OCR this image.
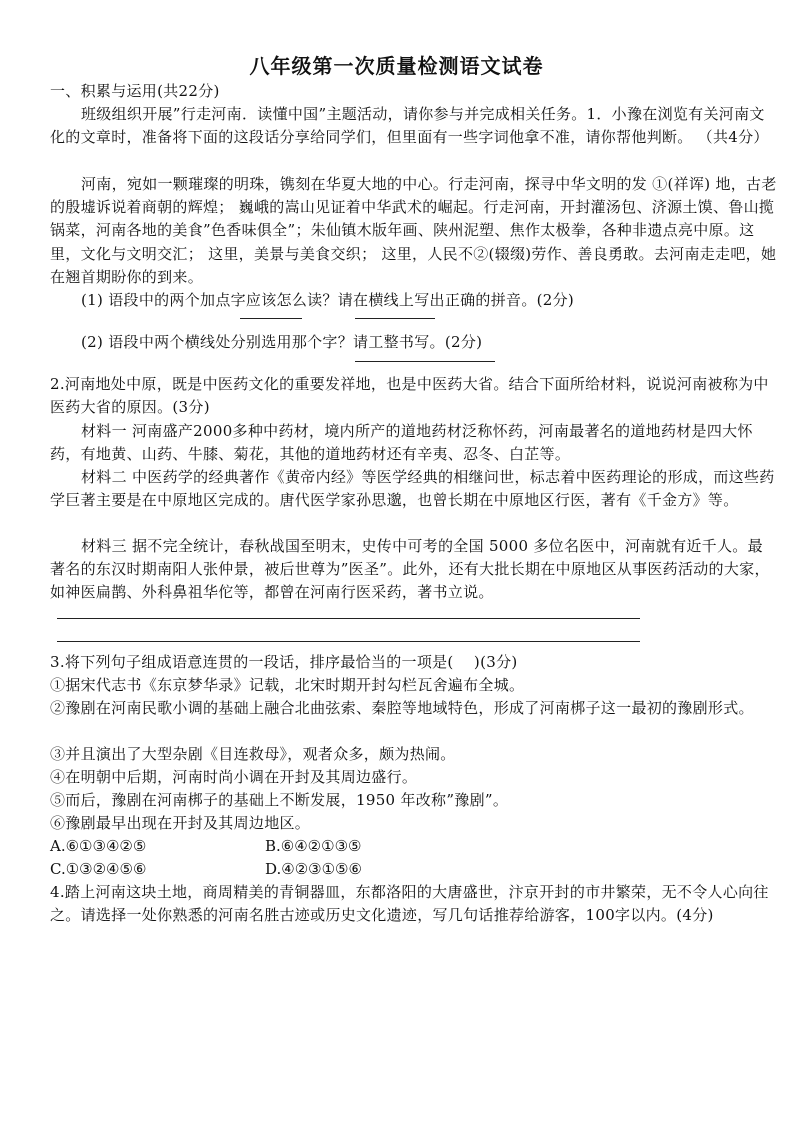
八年级第一次质量检测语文试卷
一、积累与运用(共22分)
班级组织开展”行走河南．读懂中国”主题活动，请你参与并完成相关任务。1．小豫在浏览有关河南文化的文章时，准备将下面的这段话分享给同学们，但里面有一些字词他拿不准，请你帮他判断。 （共4分）
河南，宛如一颗璀璨的明珠，镌刻在华夏大地的中心。行走河南，探寻中华文明的发 ①(祥诨) 地，古老的殷墟诉说着商朝的辉煌； 巍峨的嵩山见证着中华武术的崛起。行走河南，开封灌汤包、济源土馍、鲁山揽锅菜，河南各地的美食”色香味俱全”；朱仙镇木版年画、陕州泥塑、焦作太极拳，各种非遗点亮中原。这里，文化与文明交汇； 这里，美景与美食交织； 这里，人民不②(辍缀)劳作、善良勇敢。去河南走走吧，她在翘首期盼你的到来。
(1) 语段中的两个加点字应该怎么读？请在横线上写出正确的拼音。(2分)
(2) 语段中两个横线处分别选用那个字？请工整书写。(2分)
2.河南地处中原，既是中医药文化的重要发祥地，也是中医药大省。结合下面所给材料，说说河南被称为中医药大省的原因。(3分)
材料一 河南盛产2000多种中药材，境内所产的道地药材泛称怀药，河南最著名的道地药材是四大怀药，有地黄、山药、牛膝、菊花，其他的道地药材还有辛夷、忍冬、白芷等。
材料二 中医药学的经典著作《黄帝内经》等医学经典的相继问世，标志着中医药理论的形成，而这些药学巨著主要是在中原地区完成的。唐代医学家孙思邈，也曾长期在中原地区行医，著有《千金方》等。
材料三 据不完全统计，春秋战国至明末，史传中可考的全国 5000 多位名医中，河南就有近千人。最著名的东汉时期南阳人张仲景，被后世尊为”医圣”。此外，还有大批长期在中原地区从事医药活动的大家，如神医扁鹊、外科鼻祖华佗等，都曾在河南行医采药，著书立说。
3.将下列句子组成语意连贯的一段话，排序最恰当的一项是(　 )(3分)
①据宋代志书《东京梦华录》记载，北宋时期开封勾栏瓦舍遍布全城。
②豫剧在河南民歌小调的基础上融合北曲弦索、秦腔等地域特色，形成了河南梆子这一最初的豫剧形式。
③并且演出了大型杂剧《目连救母》，观者众多，颇为热闹。
④在明朝中后期，河南时尚小调在开封及其周边盛行。
⑤而后，豫剧在河南梆子的基础上不断发展，1950 年改称”豫剧”。
⑥豫剧最早出现在开封及其周边地区。
A.⑥①③④②⑤	B.⑥④②①③⑤
C.①③②④⑤⑥	D.④②③①⑤⑥
4.踏上河南这块土地，商周精美的青铜器皿，东都洛阳的大唐盛世，汴京开封的市井繁荣，无不令人心向往之。请选择一处你熟悉的河南名胜古迹或历史文化遗迹，写几句话推荐给游客，100字以内。(4分)
